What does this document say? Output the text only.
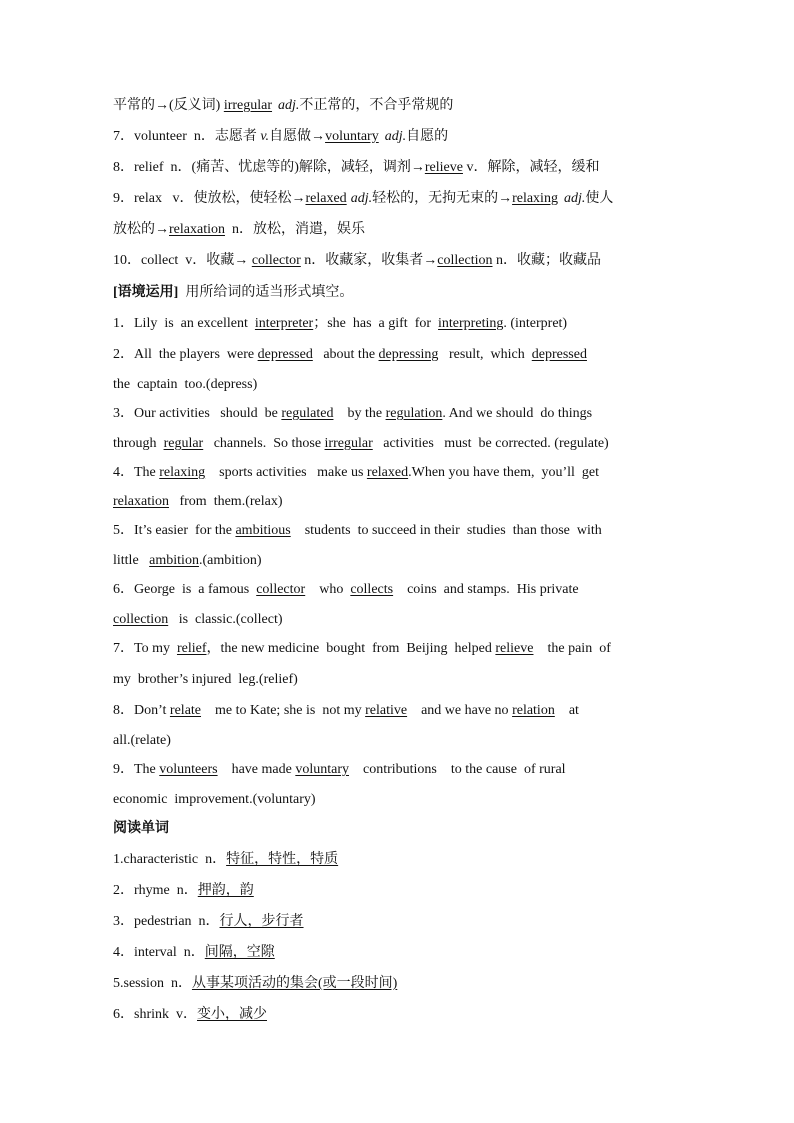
平常的→(反义词) irregular adj.不正常的，不合乎常规的
7．volunteer  n．志愿者 v.自愿做→voluntary adj.自愿的
8．relief  n．(痛苦、忧虑等的)解除，减轻，调剂→relieve v．解除，减轻，缓和
9．relax   v．使放松，使轻松→relaxed adj.轻松的，无拘无束的→relaxing adj.使人
放松的→relaxation  n．放松，消遣，娱乐
10．collect  v．收藏→ collector n．收藏家，收集者→collection n．收藏；收藏品
[语境运用]  用所给词的适当形式填空。
1．Lily  is  an excellent  interpreter；she  has  a gift  for  interpreting. (interpret)
2．All  the players  were depressed   about the depressing   result,  which  depressed
the  captain  too.(depress)
3．Our activities   should  be regulated    by the regulation. And we should  do things
through  regular   channels.  So those irregular   activities   must  be corrected. (regulate)
4．The relaxing    sports activities   make us relaxed.When you have them,  you’ll  get
relaxation   from  them.(relax)
5．It’s easier  for the ambitious    students  to succeed in their  studies  than those  with
little   ambition.(ambition)
6．George  is  a famous  collector    who  collects    coins  and stamps.  His private
collection   is  classic.(collect)
7．To my  relief，the new medicine  bought  from  Beijing  helped relieve    the pain  of
my  brother’s injured  leg.(relief)
8．Don’t relate    me to Kate; she is  not my relative    and we have no relation    at
all.(relate)
9．The volunteers    have made voluntary    contributions    to the cause  of rural
economic  improvement.(voluntary)
阅读单词
1.characteristic  n．特征，特性，特质
2．rhyme  n．押韵，韵
3．pedestrian  n．行人，步行者
4．interval  n．间隔，空隙
5.session  n．从事某项活动的集会(或一段时间)
6．shrink  v．变小，减少
